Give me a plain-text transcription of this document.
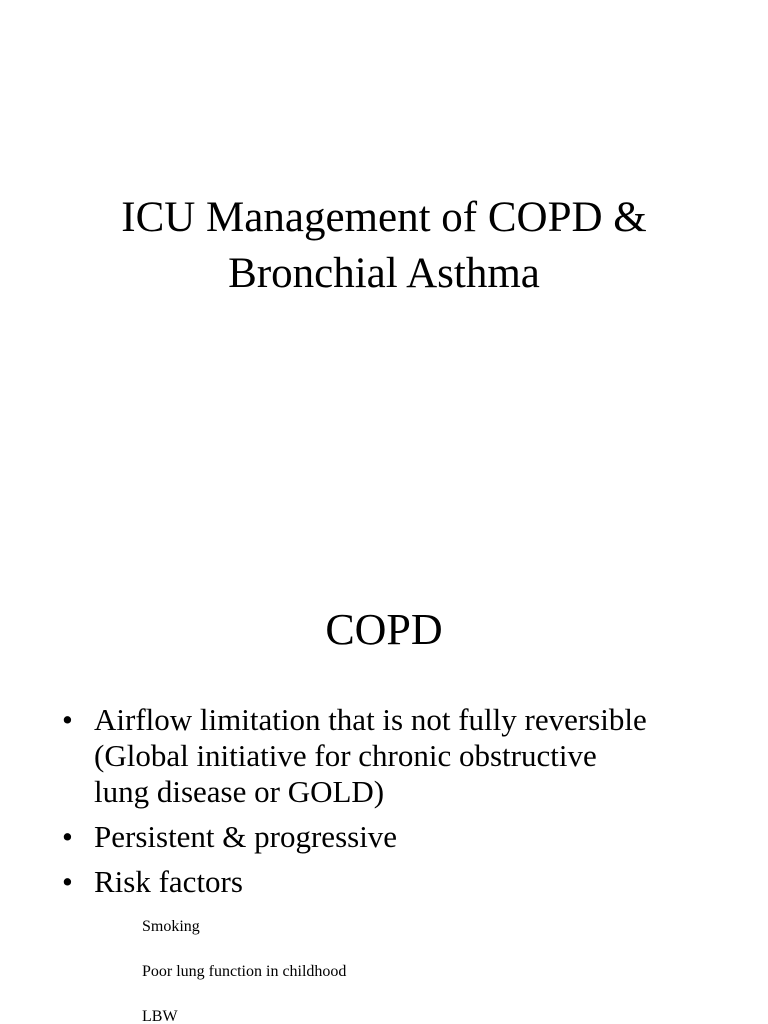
ICU Management of COPD &
Bronchial Asthma
COPD
• Airflow limitation that is not fully reversible
(Global initiative for chronic obstructive
lung disease or GOLD)
• Persistent & progressive
• Risk factors
Smoking
Poor lung function in childhood
LBW
